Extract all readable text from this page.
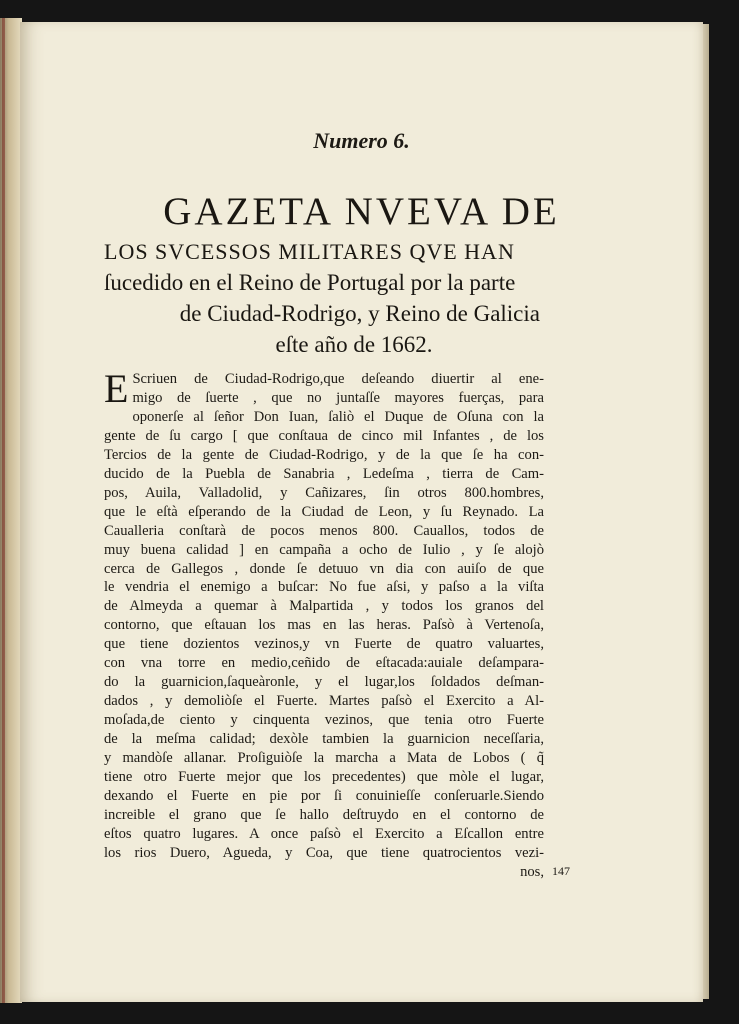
Numero 6.
GAZETA NVEVA DE
LOS SVCESSOS MILITARES QVE HAN
ſucedido en el Reino de Portugal por la parte
de Ciudad-Rodrigo, y Reino de Galicia
eſte año de 1662.
E Scriuen de Ciudad-Rodrigo,que deſeando diuertir al ene-
migo de ſuerte , que no juntaſſe mayores fuerças, para
oponerſe al ſeñor Don Iuan, ſaliò el Duque de Oſuna con la
gente de ſu cargo [ que conſtaua de cinco mil Infantes , de los
Tercios de la gente de Ciudad-Rodrigo, y de la que ſe ha con-
ducido de la Puebla de Sanabria , Ledeſma , tierra de Cam-
pos, Auila, Valladolid, y Cañizares, ſin otros 800.hombres,
que le eſtà eſperando de la Ciudad de Leon, y ſu Reynado. La
Caualleria conſtarà de pocos menos 800. Cauallos, todos de
muy buena calidad ] en campaña a ocho de Iulio , y ſe alojò
cerca de Gallegos , donde ſe detuuo vn dia con auiſo de que
le vendria el enemigo a buſcar: No fue aſsi, y paſso a la viſta
de Almeyda a quemar à Malpartida , y todos los granos del
contorno, que eſtauan los mas en las heras. Paſsò à Vertenoſa,
que tiene dozientos vezinos,y vn Fuerte de quatro valuartes,
con vna torre en medio,ceñido de eſtacada:auiale deſampara-
do la guarnicion,ſaqueàronle, y el lugar,los ſoldados deſman-
dados , y demoliòſe el Fuerte. Martes paſsò el Exercito a Al-
moſada,de ciento y cinquenta vezinos, que tenia otro Fuerte
de la meſma calidad; dexòle tambien la guarnicion neceſſaria,
y mandòſe allanar. Proſiguiòſe la marcha a Mata de Lobos ( q̃
tiene otro Fuerte mejor que los precedentes) que mòle el lugar,
dexando el Fuerte en pie por ſi conuinieſſe conſeruarle.Siendo
increible el grano que ſe hallo deſtruydo en el contorno de
eſtos quatro lugares. A once paſsò el Exercito a Eſcallon entre
los rios Duero, Agueda, y Coa, que tiene quatrocientos vezi-
nos, 147
